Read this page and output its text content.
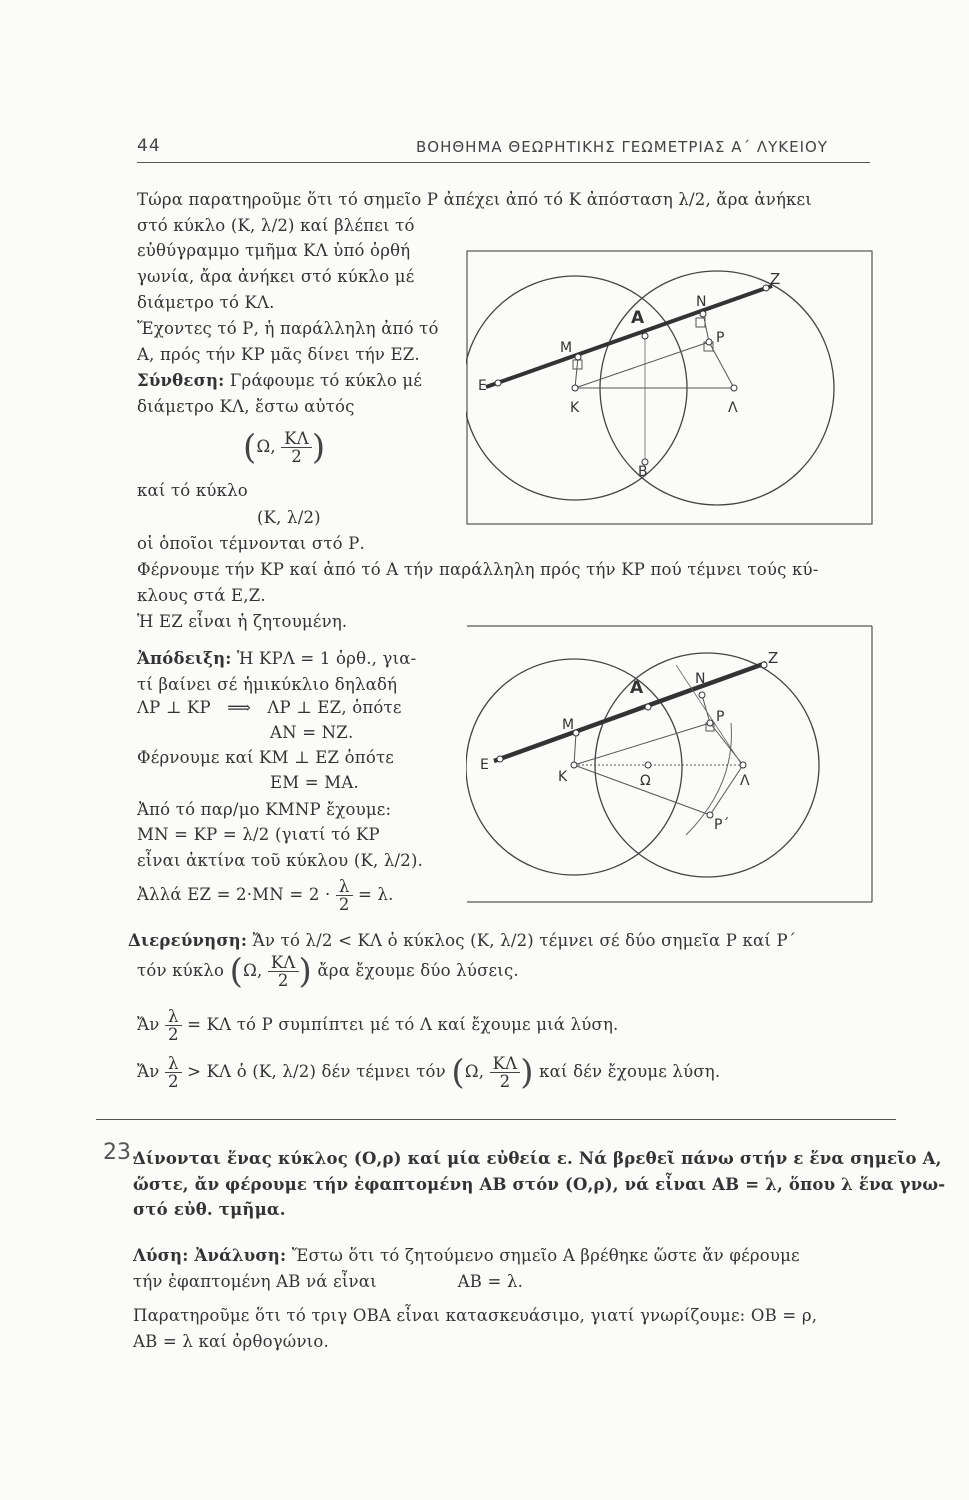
44	ΒΟΗΘΗΜΑ ΘΕΩΡΗΤΙΚΗΣ ΓΕΩΜΕΤΡΙΑΣ Α΄ ΛΥΚΕΙΟΥ
Τώρα παρατηροῦμε ὅτι τό σημεῖο Ρ ἀπέχει ἀπό τό Κ ἀπόσταση λ/2, ἄρα ἀνήκει
στό κύκλο (Κ, λ/2) καί βλέπει τό
εὐθύγραμμο τμῆμα ΚΛ ὑπό ὀρθή
γωνία, ἄρα ἀνήκει στό κύκλο μέ
διάμετρο τό ΚΛ.
Ἔχοντες τό Ρ, ἡ παράλληλη ἀπό τό
Α, πρός τήν ΚΡ μᾶς δίνει τήν ΕΖ.
Σύνθεση: Γράφουμε τό κύκλο μέ
διάμετρο ΚΛ, ἔστω αὐτός
(Ω, $\frac{K\Lambda}{2}$ )
καί τό κύκλο
(Κ, λ/2)
οἱ ὁποῖοι τέμνονται στό Ρ.
Φέρνουμε τήν ΚΡ καί ἀπό τό Α τήν παράλληλη πρός τήν ΚΡ πού τέμνει τούς κύ-
κλους στά Ε,Ζ.
Ἡ ΕΖ εἶναι ἡ ζητουμένη.
Z
N
A
P
M
E
K	Λ
B
Ἀπόδειξη: Ἡ ΚΡΛ = 1 ὀρθ., για-
τί βαίνει σέ ἡμικύκλιο δηλαδή
ΛΡ ⊥ ΚΡ ⟹ ΛΡ ⊥ ΕΖ, ὁπότε
ΑΝ = ΝΖ.
Φέρνουμε καί ΚΜ ⊥ ΕΖ ὁπότε
ΕΜ = ΜΑ.
Ἀπό τό παρ/μο ΚΜΝΡ ἔχουμε:
ΜΝ = ΚΡ = λ/2 (γιατί τό ΚΡ
εἶναι ἀκτίνα τοῦ κύκλου (Κ, λ/2).
Ἀλλά $EZ = 2\cdot MN = 2 \cdot \frac{\lambda}{2} = \lambda$.
Z
N
A
P
M
E
K	Ω	Λ
P΄
Διερεύνηση: Ἄν τό λ/2 < ΚΛ ὁ κύκλος (Κ, λ/2) τέμνει σέ δύο σημεῖα Ρ καί Ρ΄
τόν κύκλο (Ω, $\frac{K\Lambda}{2}$ ) ἄρα ἔχουμε δύο λύσεις.
Ἄν $\frac{\lambda}{2} = K\Lambda$ τό Ρ συμπίπτει μέ τό Λ καί ἔχουμε μιά λύση.
Ἄν $\frac{\lambda}{2} > K\Lambda$ ὁ (Κ, λ/2) δέν τέμνει τόν (Ω, $\frac{K\Lambda}{2}$ ) καί δέν ἔχουμε λύση.
23.
Δίνονται ἕνας κύκλος (Ο,ρ) καί μία εὐθεία ε. Νά βρεθεῖ πάνω στήν ε ἕνα σημεῖο Α,
ὥστε, ἄν φέρουμε τήν ἐφαπτομένη ΑΒ στόν (Ο,ρ), νά εἶναι ΑΒ = λ, ὅπου λ ἕνα γνω-
στό εὐθ. τμῆμα.
Λύση: Ἀνάλυση: Ἔστω ὅτι τό ζητούμενο σημεῖο Α βρέθηκε ὥστε ἄν φέρουμε
τήν ἐφαπτομένη ΑΒ νά εἶναι	ΑΒ = λ.
Παρατηροῦμε ὅτι τό τριγ ΟΒΑ εἶναι κατασκευάσιμο, γιατί γνωρίζουμε: ΟΒ = ρ,
ΑΒ = λ καί ὀρθογώνιο.
